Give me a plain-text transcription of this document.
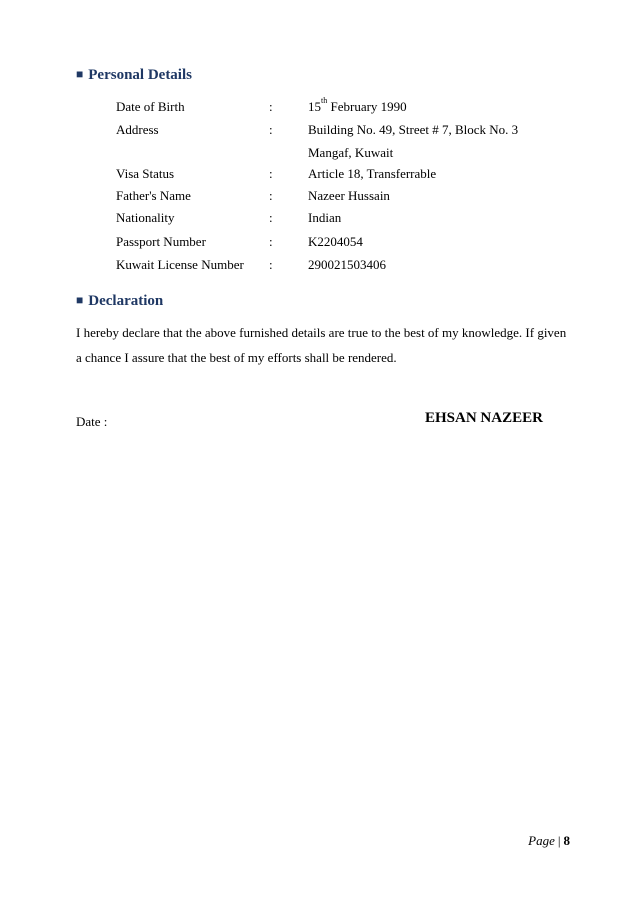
■ Personal Details
Date of Birth	:	15th February 1990
Address	:	Building No. 49, Street # 7, Block No. 3
Mangaf, Kuwait
Visa Status	:	Article 18, Transferrable
Father's Name	:	Nazeer Hussain
Nationality	:	Indian
Passport Number	:	K2204054
Kuwait License Number :	290021503406
■ Declaration
I hereby declare that the above furnished details are true to the best of my knowledge. If given
a chance I assure that the best of my efforts shall be rendered.
Date :	EHSAN NAZEER
Page | 8
